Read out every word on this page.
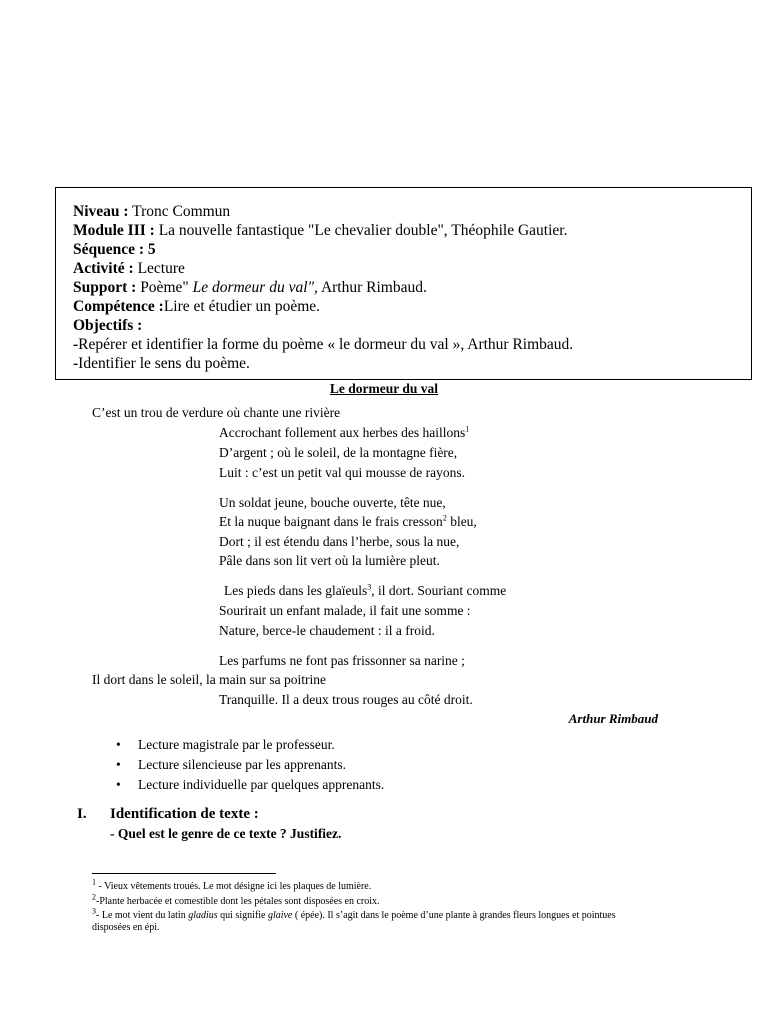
Niveau : Tronc Commun
Module III : La nouvelle fantastique "Le chevalier double", Théophile Gautier.
Séquence : 5
Activité : Lecture
Support : Poème" Le dormeur du val", Arthur Rimbaud.
Compétence :Lire et étudier un poème.
Objectifs :
-Repérer et identifier la forme du poème « le dormeur du val », Arthur Rimbaud.
-Identifier le sens du poème.
Le dormeur du val
C’est un trou de verdure où chante une rivière
Accrochant follement aux herbes des haillons$^1$
D’argent ; où le soleil, de la montagne fière,
Luit : c’est un petit val qui mousse de rayons.
Un soldat jeune, bouche ouverte, tête nue,
Et la nuque baignant dans le frais cresson$^2$ bleu,
Dort ; il est étendu dans l’herbe, sous la nue,
Pâle dans son lit vert où la lumière pleut.
Les pieds dans les glaïeuls$^3$, il dort. Souriant comme
Sourirait un enfant malade, il fait une somme :
Nature, berce-le chaudement : il a froid.
Les parfums ne font pas frissonner sa narine ;
Il dort dans le soleil, la main sur sa poitrine
Tranquille. Il a deux trous rouges au côté droit.
Arthur Rimbaud
• Lecture magistrale par le professeur.
• Lecture silencieuse par les apprenants.
• Lecture individuelle par quelques apprenants.
I. Identification de texte :
- Quel est le genre de ce texte ? Justifiez.
$^1$ - Vieux vêtements troués. Le mot désigne ici les plaques de lumière.
$^2$-Plante herbacée et comestible dont les pétales sont disposées en croix.
$^3$- Le mot vient du latin gladius qui signifie glaive ( épée). Il s’agit dans le poème d’une plante à grandes fleurs longues et pointues disposées en épi.
